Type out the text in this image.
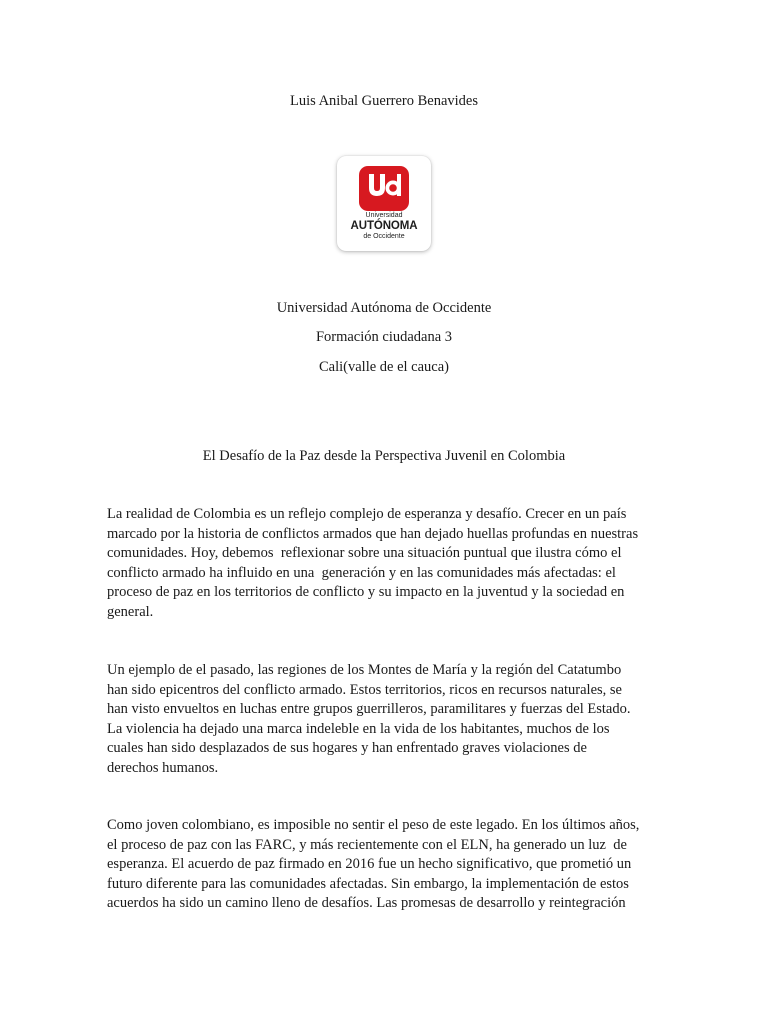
Luis Anibal Guerrero Benavides
Universidad
AUTÓNOMA
de Occidente
Universidad Autónoma de Occidente
Formación ciudadana 3
Cali(valle de el cauca)
El Desafío de la Paz desde la Perspectiva Juvenil en Colombia
La realidad de Colombia es un reflejo complejo de esperanza y desafío. Crecer en un país
marcado por la historia de conflictos armados que han dejado huellas profundas en nuestras
comunidades. Hoy, debemos  reflexionar sobre una situación puntual que ilustra cómo el
conflicto armado ha influido en una  generación y en las comunidades más afectadas: el
proceso de paz en los territorios de conflicto y su impacto en la juventud y la sociedad en
general.
Un ejemplo de el pasado, las regiones de los Montes de María y la región del Catatumbo
han sido epicentros del conflicto armado. Estos territorios, ricos en recursos naturales, se
han visto envueltos en luchas entre grupos guerrilleros, paramilitares y fuerzas del Estado.
La violencia ha dejado una marca indeleble en la vida de los habitantes, muchos de los
cuales han sido desplazados de sus hogares y han enfrentado graves violaciones de
derechos humanos.
Como joven colombiano, es imposible no sentir el peso de este legado. En los últimos años,
el proceso de paz con las FARC, y más recientemente con el ELN, ha generado un luz  de
esperanza. El acuerdo de paz firmado en 2016 fue un hecho significativo, que prometió un
futuro diferente para las comunidades afectadas. Sin embargo, la implementación de estos
acuerdos ha sido un camino lleno de desafíos. Las promesas de desarrollo y reintegración
